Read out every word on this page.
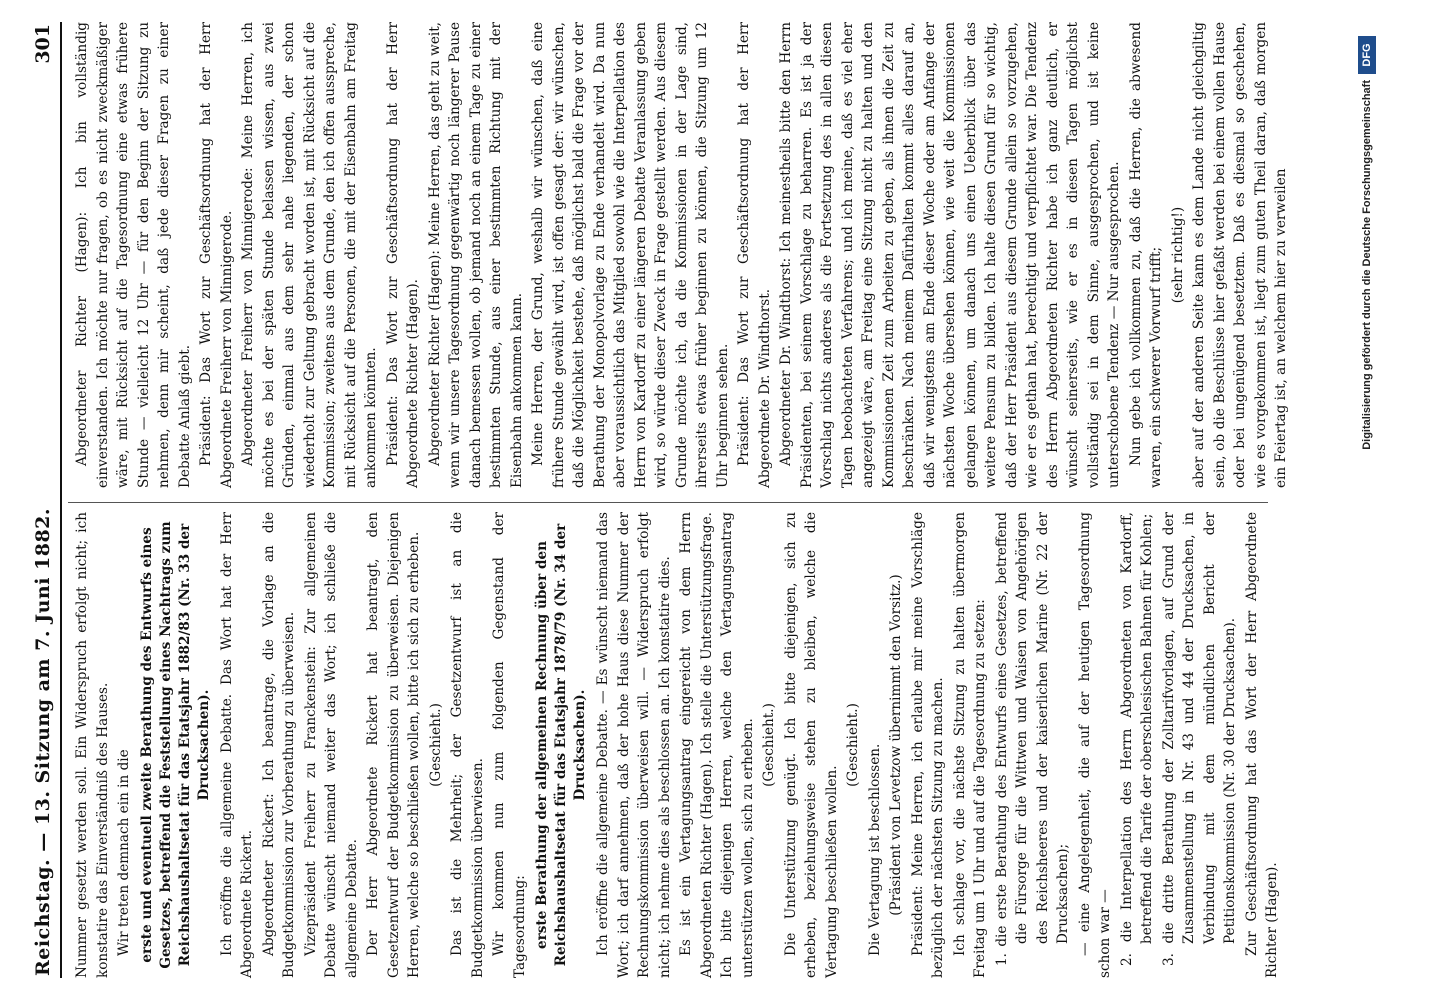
Reichstag. — 13. Sitzung am 7. Juni 1882.
301

Nummer gesetzt werden soll. Ein Widerspruch erfolgt nicht; ich konstatire das Einverständniß des Hauses. Wir treten demnach ein in die erste und eventuell zweite Berathung des Entwurfs eines Gesetzes, betreffend die Feststellung eines Nachtrags zum Reichshaushaltsetat für das Etatsjahr 1882/83 (Nr. 33 der Drucksachen). Ich eröffne die allgemeine Debatte. Das Wort hat der Herr Abgeordnete Rickert. Abgeordneter Rickert: Ich beantrage, die Vorlage an die Budgetkommission zur Vorberathung zu überweisen. Vizepräsident Freiherr zu Franckenstein: Zur allgemeinen Debatte wünscht niemand weiter das Wort; ich schließe die allgemeine Debatte. Der Herr Abgeordnete Rickert hat beantragt, den Gesetzentwurf der Budgetkommission zu überweisen. Diejenigen Herren, welche so beschließen wollen, bitte ich sich zu erheben. (Geschieht.) Das ist die Mehrheit; der Gesetzentwurf ist an die Budgetkommission überwiesen. Wir kommen nun zum folgenden Gegenstand der Tagesordnung: erste Berathung der allgemeinen Rechnung über den Reichshaushaltsetat für das Etatsjahr 1878/79 (Nr. 34 der Drucksachen). Ich eröffne die allgemeine Debatte. — Es wünscht niemand das Wort; ich darf annehmen, daß der hohe Haus diese Nummer der Rechnungskommission überweisen will. — Widerspruch erfolgt nicht; ich nehme dies als beschlossen an. Ich konstatire dies. Es ist ein Vertagungsantrag eingereicht von dem Herrn Abgeordneten Richter (Hagen). Ich stelle die Unterstützungsfrage. Ich bitte diejenigen Herren, welche den Vertagungsantrag unterstützen wollen, sich zu erheben. (Geschieht.) Die Unterstützung genügt. Ich bitte diejenigen, sich zu erheben, beziehungsweise stehen zu bleiben, welche die Vertagung beschließen wollen.

(Geschieht.) Die Vertagung ist beschlossen. (Präsident von Levetzow übernimmt den Vorsitz.) Präsident: Meine Herren, ich erlaube mir meine Vorschläge bezüglich der nächsten Sitzung zu machen. Ich schlage vor, die nächste Sitzung zu halten übermorgen Freitag um 1 Uhr und auf die Tagesordnung zu setzen: 1. die erste Berathung des Entwurfs eines Gesetzes, betreffend die Fürsorge für die Wittwen und Waisen von Angehörigen des Reichsheeres und der kaiserlichen Marine (Nr. 22 der Drucksachen); — eine Angelegenheit, die auf der heutigen Tagesordnung schon war — 2. die Interpellation des Herrn Abgeordneten von Kardorff, betreffend die Tarife der oberschlesischen Bahnen für Kohlen; 3. die dritte Berathung der Zolltarifvorlagen, auf Grund der Zusammenstellung in Nr. 43 und 44 der Drucksachen, in Verbindung mit dem mündlichen Bericht der Petitionskommission (Nr. 30 der Drucksachen). Zur Geschäftsordnung hat das Wort der Herr Abgeordnete Richter (Hagen).

Abgeordneter Richter (Hagen): Ich bin vollständig einverstanden. Ich möchte nur fragen, ob es nicht zweckmäßiger wäre, mit Rücksicht auf die Tagesordnung eine etwas frühere Stunde — vielleicht 12 Uhr — für den Beginn der Sitzung zu nehmen, denn mir scheint, daß jede dieser Fragen zu einer Debatte Anlaß giebt. Präsident: Das Wort zur Geschäftsordnung hat der Herr Abgeordnete Freiherr von Minnigerode. Abgeordneter Freiherr von Minnigerode: Meine Herren, ich möchte es bei der späten Stunde belassen wissen, aus zwei Gründen, einmal aus dem sehr nahe liegenden, der schon wiederholt zur Geltung gebracht worden ist, mit Rücksicht auf die Kommission; zweitens aus dem Grunde, den ich offen ausspreche, mit Rücksicht auf die Personen, die mit der Eisenbahn am Freitag ankommen könnten. Präsident: Das Wort zur Geschäftsordnung hat der Herr Abgeordnete Richter (Hagen). Abgeordneter Richter (Hagen): Meine Herren, das geht zu weit, wenn wir unsere Tagesordnung gegenwärtig noch längerer Pause danach bemessen wollen, ob jemand noch an einem Tage zu einer bestimmten Stunde, aus einer bestimmten Richtung mit der Eisenbahn ankommen kann. Meine Herren, der Grund, weshalb wir wünschen, daß eine frühere Stunde gewählt wird, ist offen gesagt der: wir wünschen, daß die Möglichkeit bestehe, daß möglichst bald die Frage vor der Berathung der Monopolvorlage zu Ende verhandelt wird. Da nun aber voraussichtlich das Mitglied sowohl wie die Interpellation des Herrn von Kardorff zu einer längeren Debatte Veranlassung geben wird, so würde dieser Zweck in Frage gestellt werden. Aus diesem Grunde möchte ich, da die Kommissionen in der Lage sind, ihrerseits etwas früher beginnen zu können, die Sitzung um 12 Uhr beginnen sehen. Präsident: Das Wort zur Geschäftsordnung hat der Herr Abgeordnete Dr. Windthorst. Abgeordneter Dr. Windthorst: Ich meinestheils bitte den Herrn Präsidenten, bei seinem Vorschlage zu beharren. Es ist ja der Vorschlag nichts anderes als die Fortsetzung des in allen diesen Tagen beobachteten Verfahrens; und ich meine, daß es viel eher angezeigt wäre, am Freitag eine Sitzung nicht zu halten und den Kommissionen Zeit zum Arbeiten zu geben, als ihnen die Zeit zu beschränken. Nach meinem Dafürhalten kommt alles darauf an, daß wir wenigstens am Ende dieser Woche oder am Anfange der nächsten Woche übersehen können, wie weit die Kommissionen gelangen können, um danach uns einen Ueberblick über das weitere Pensum zu bilden. Ich halte diesen Grund für so wichtig, daß der Herr Präsident aus diesem Grunde allein so vorzugehen, wie er es gethan hat, berechtigt und verpflichtet war. Die Tendenz des Herrn Abgeordneten Richter habe ich ganz deutlich, er wünscht seinerseits, wie er es in diesen Tagen möglichst vollständig sei in dem Sinne, ausgesprochen, und ist keine unterschobene Tendenz — Nur ausgesprochen. Nun gebe ich vollkommen zu, daß die Herren, die abwesend waren, ein schwerer Vorwurf trifft; (sehr richtig!) aber auf der anderen Seite kann es dem Lande nicht gleichgiltig sein, ob die Beschlüsse hier gefaßt werden bei einem vollen Hause oder bei ungenügend besetztem. Daß es diesmal so geschehen, wie es vorgekommen ist, liegt zum guten Theil daran, daß morgen ein Feiertag ist, an welchem hier zu verweilen	Digitalisierung gefördert durch die Deutsche Forschungsgemeinschaft
DFG
